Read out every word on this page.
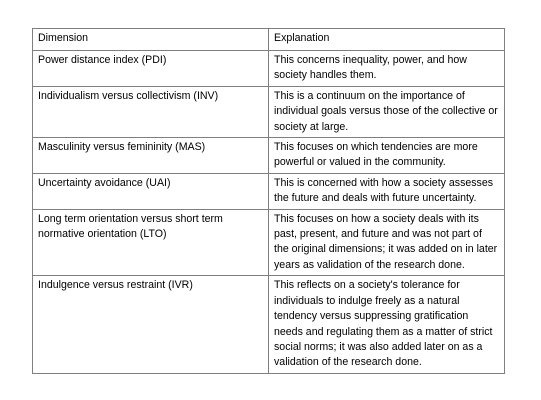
Dimension	Explanation
Power distance index (PDI)	This concerns inequality, power, and how society handles them.
Individualism versus collectivism (INV)	This is a continuum on the importance of individual goals versus those of the collective or society at large.
Masculinity versus femininity (MAS)	This focuses on which tendencies are more powerful or valued in the community.
Uncertainty avoidance (UAI)	This is concerned with how a society assesses the future and deals with future uncertainty.
Long term orientation versus short term normative orientation (LTO)	This focuses on how a society deals with its past, present, and future and was not part of the original dimensions; it was added on in later years as validation of the research done.
Indulgence versus restraint (IVR)	This reflects on a society's tolerance for individuals to indulge freely as a natural tendency versus suppressing gratification needs and regulating them as a matter of strict social norms; it was also added later on as a validation of the research done.
